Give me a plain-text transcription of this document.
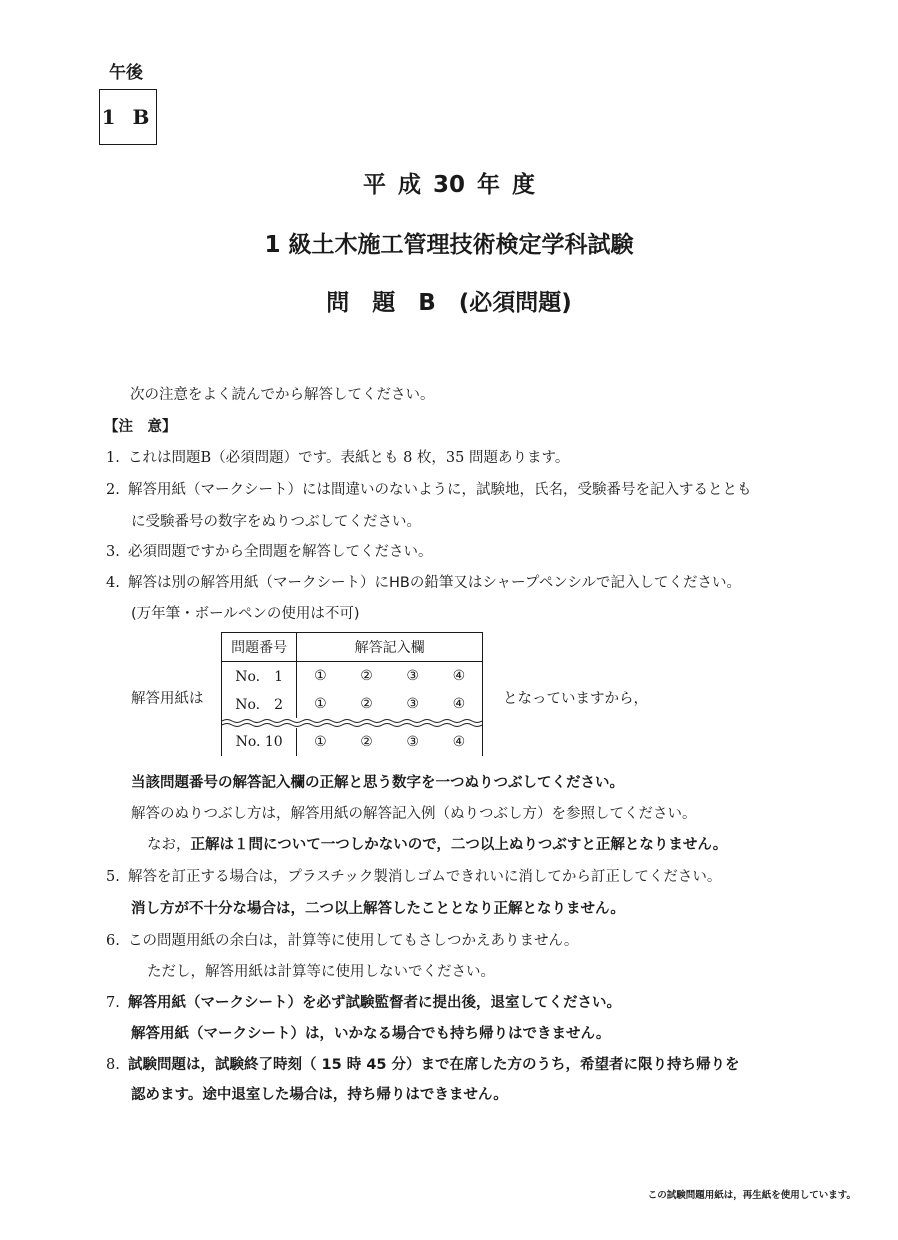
午後
1 B
平 成 30 年 度
1 級土木施工管理技術検定学科試験
問　題　B　(必須問題)
次の注意をよく読んでから解答してください。
【注　意】
1. これは問題B（必須問題）です。表紙とも 8 枚，35 問題あります。
2. 解答用紙（マークシート）には間違いのないように，試験地，氏名，受験番号を記入するととも
に受験番号の数字をぬりつぶしてください。
3. 必須問題ですから全問題を解答してください。
4. 解答は別の解答用紙（マークシート）にHBの鉛筆又はシャープペンシルで記入してください。
(万年筆・ボールペンの使用は不可)
解答用紙は
問題番号	解答記入欄			
No.　1	①	②	③	④
No.　2	①	②	③	④

No. 10	①	②	③	④
となっていますから，
当該問題番号の解答記入欄の正解と思う数字を一つぬりつぶしてください。
解答のぬりつぶし方は，解答用紙の解答記入例（ぬりつぶし方）を参照してください。
なお，正解は１問について一つしかないので，二つ以上ぬりつぶすと正解となりません。
5. 解答を訂正する場合は，プラスチック製消しゴムできれいに消してから訂正してください。
消し方が不十分な場合は，二つ以上解答したこととなり正解となりません。
6. この問題用紙の余白は，計算等に使用してもさしつかえありません。
ただし，解答用紙は計算等に使用しないでください。
7. 解答用紙（マークシート）を必ず試験監督者に提出後，退室してください。
解答用紙（マークシート）は，いかなる場合でも持ち帰りはできません。
8. 試験問題は，試験終了時刻（ 15 時 45 分）まで在席した方のうち，希望者に限り持ち帰りを
認めます。途中退室した場合は，持ち帰りはできません。
この試験問題用紙は，再生紙を使用しています。
